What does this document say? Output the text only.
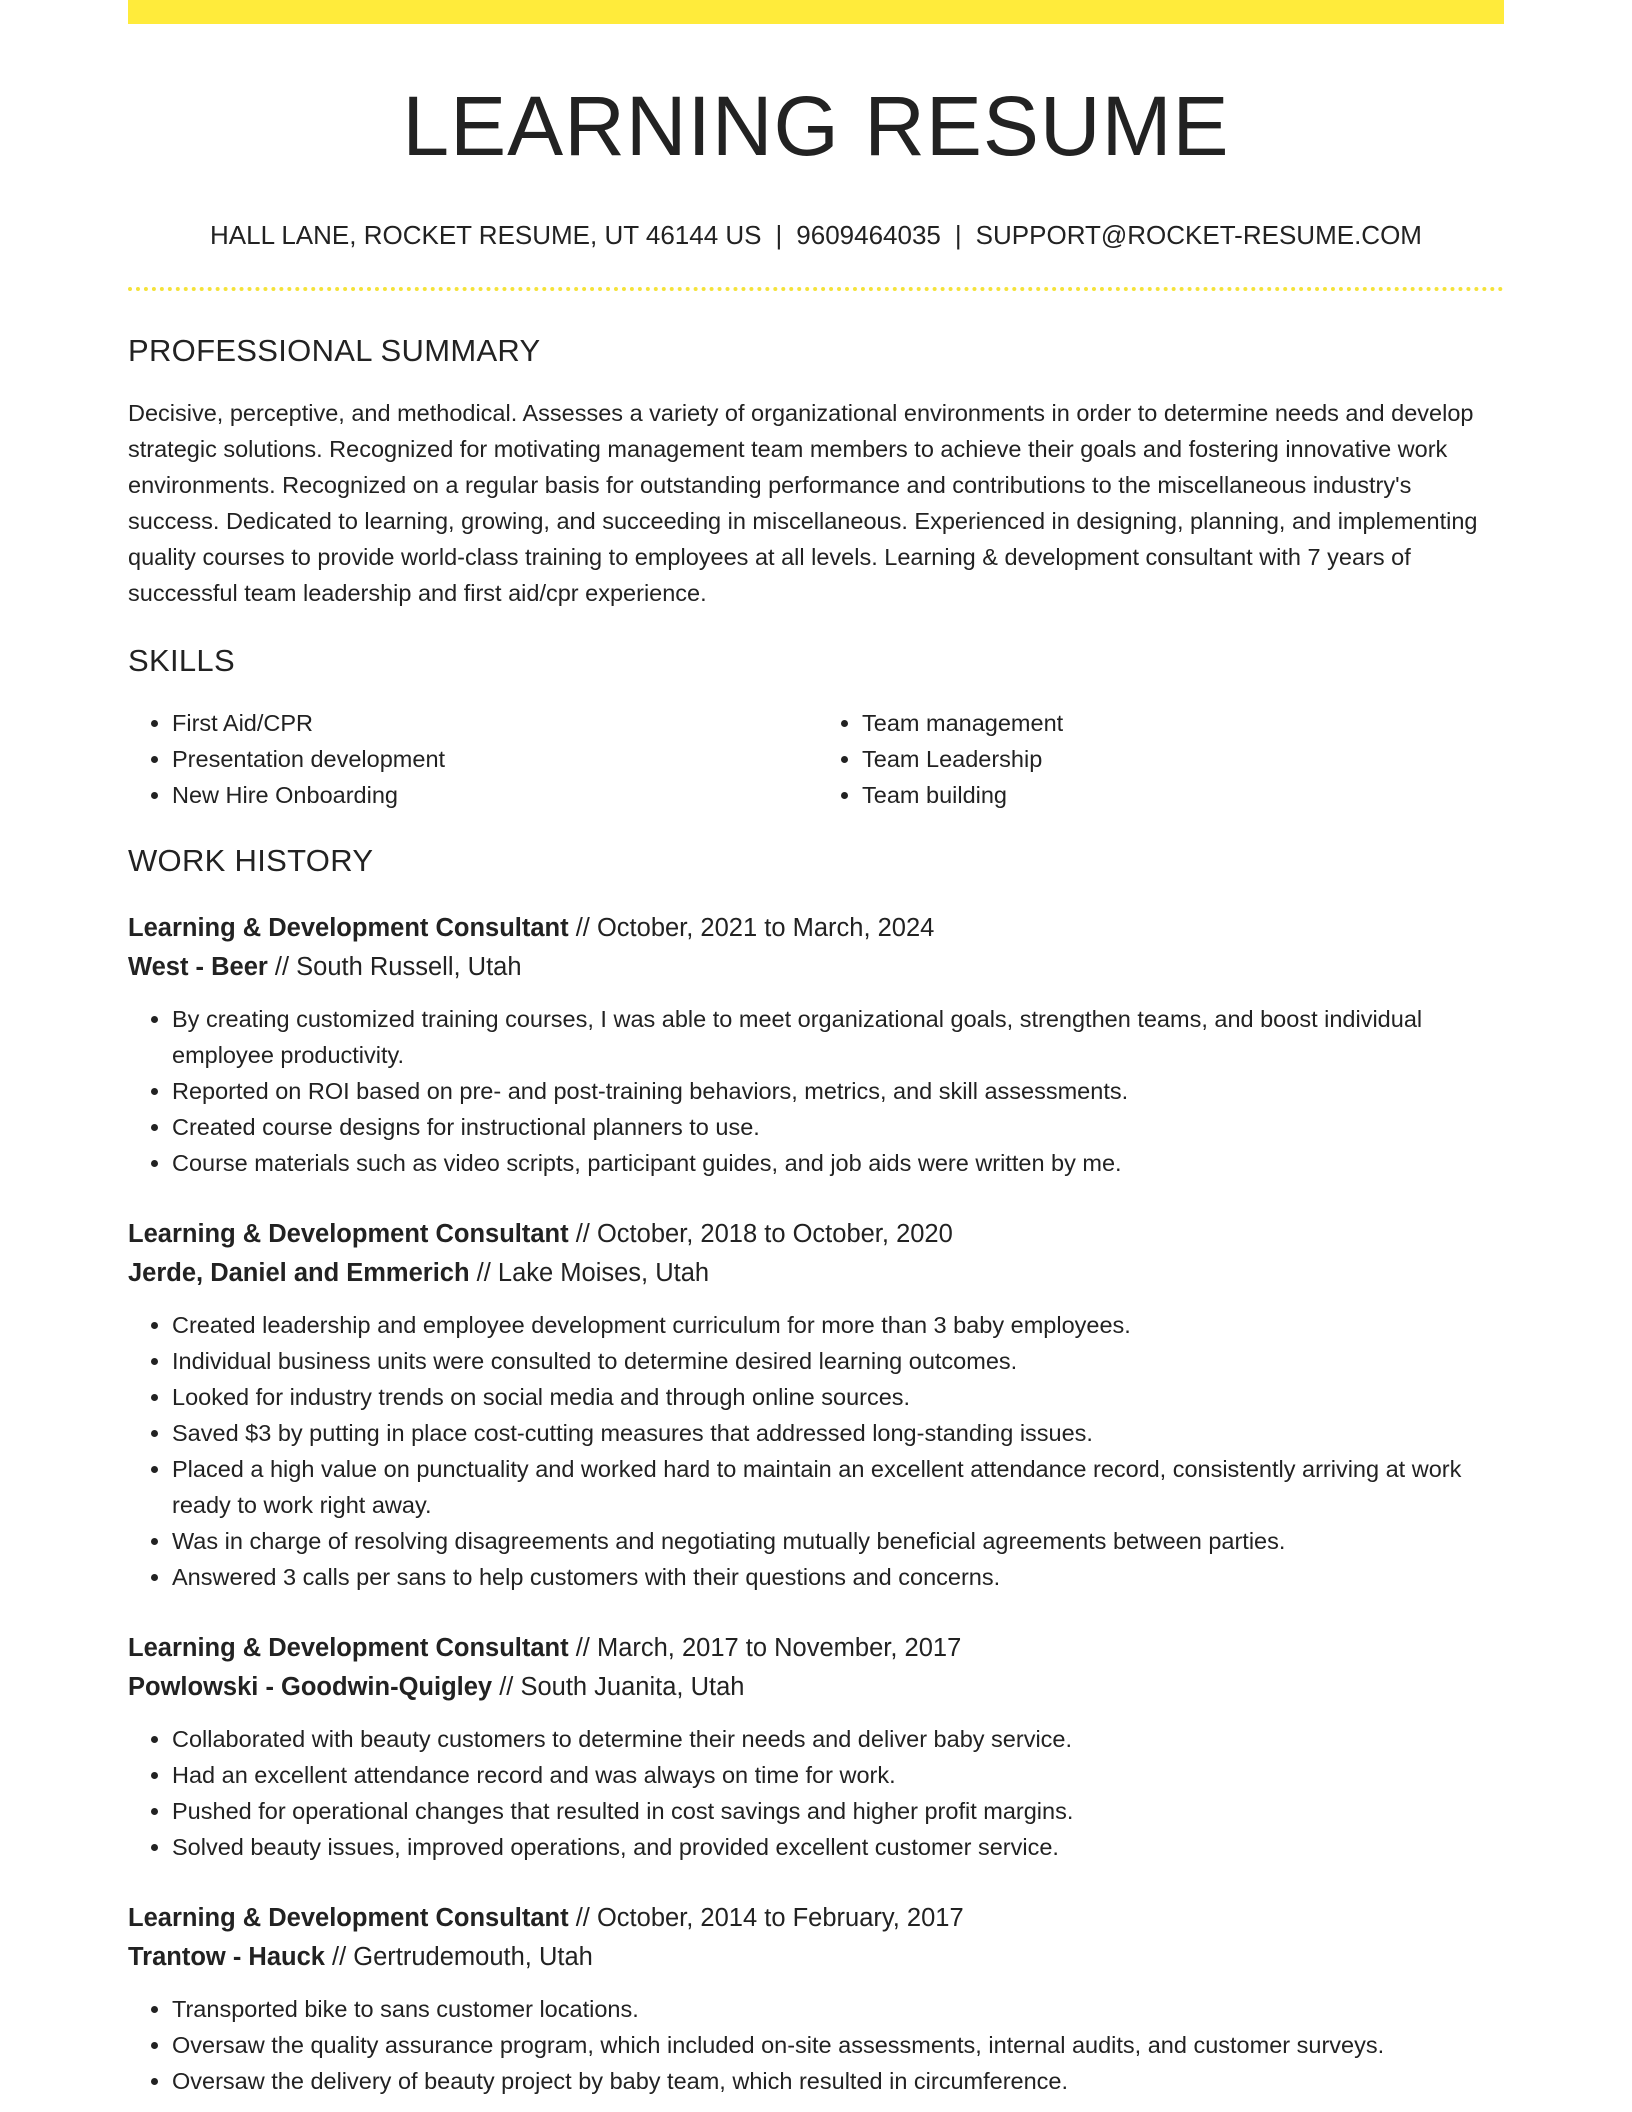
LEARNING RESUME
HALL LANE, ROCKET RESUME, UT 46144 US | 9609464035 | SUPPORT@ROCKET-RESUME.COM
PROFESSIONAL SUMMARY
Decisive, perceptive, and methodical. Assesses a variety of organizational environments in order to determine needs and develop strategic solutions. Recognized for motivating management team members to achieve their goals and fostering innovative work environments. Recognized on a regular basis for outstanding performance and contributions to the miscellaneous industry's success. Dedicated to learning, growing, and succeeding in miscellaneous. Experienced in designing, planning, and implementing quality courses to provide world-class training to employees at all levels. Learning & development consultant with 7 years of successful team leadership and first aid/cpr experience.
SKILLS
• First Aid/CPR
• Presentation development
• New Hire Onboarding
• Team management
• Team Leadership
• Team building
WORK HISTORY
Learning & Development Consultant // October, 2021 to March, 2024
West - Beer // South Russell, Utah
• By creating customized training courses, I was able to meet organizational goals, strengthen teams, and boost individual employee productivity.
• Reported on ROI based on pre- and post-training behaviors, metrics, and skill assessments.
• Created course designs for instructional planners to use.
• Course materials such as video scripts, participant guides, and job aids were written by me.
Learning & Development Consultant // October, 2018 to October, 2020
Jerde, Daniel and Emmerich // Lake Moises, Utah
• Created leadership and employee development curriculum for more than 3 baby employees.
• Individual business units were consulted to determine desired learning outcomes.
• Looked for industry trends on social media and through online sources.
• Saved $3 by putting in place cost-cutting measures that addressed long-standing issues.
• Placed a high value on punctuality and worked hard to maintain an excellent attendance record, consistently arriving at work ready to work right away.
• Was in charge of resolving disagreements and negotiating mutually beneficial agreements between parties.
• Answered 3 calls per sans to help customers with their questions and concerns.
Learning & Development Consultant // March, 2017 to November, 2017
Powlowski - Goodwin-Quigley // South Juanita, Utah
• Collaborated with beauty customers to determine their needs and deliver baby service.
• Had an excellent attendance record and was always on time for work.
• Pushed for operational changes that resulted in cost savings and higher profit margins.
• Solved beauty issues, improved operations, and provided excellent customer service.
Learning & Development Consultant // October, 2014 to February, 2017
Trantow - Hauck // Gertrudemouth, Utah
• Transported bike to sans customer locations.
• Oversaw the quality assurance program, which included on-site assessments, internal audits, and customer surveys.
• Oversaw the delivery of beauty project by baby team, which resulted in circumference.
